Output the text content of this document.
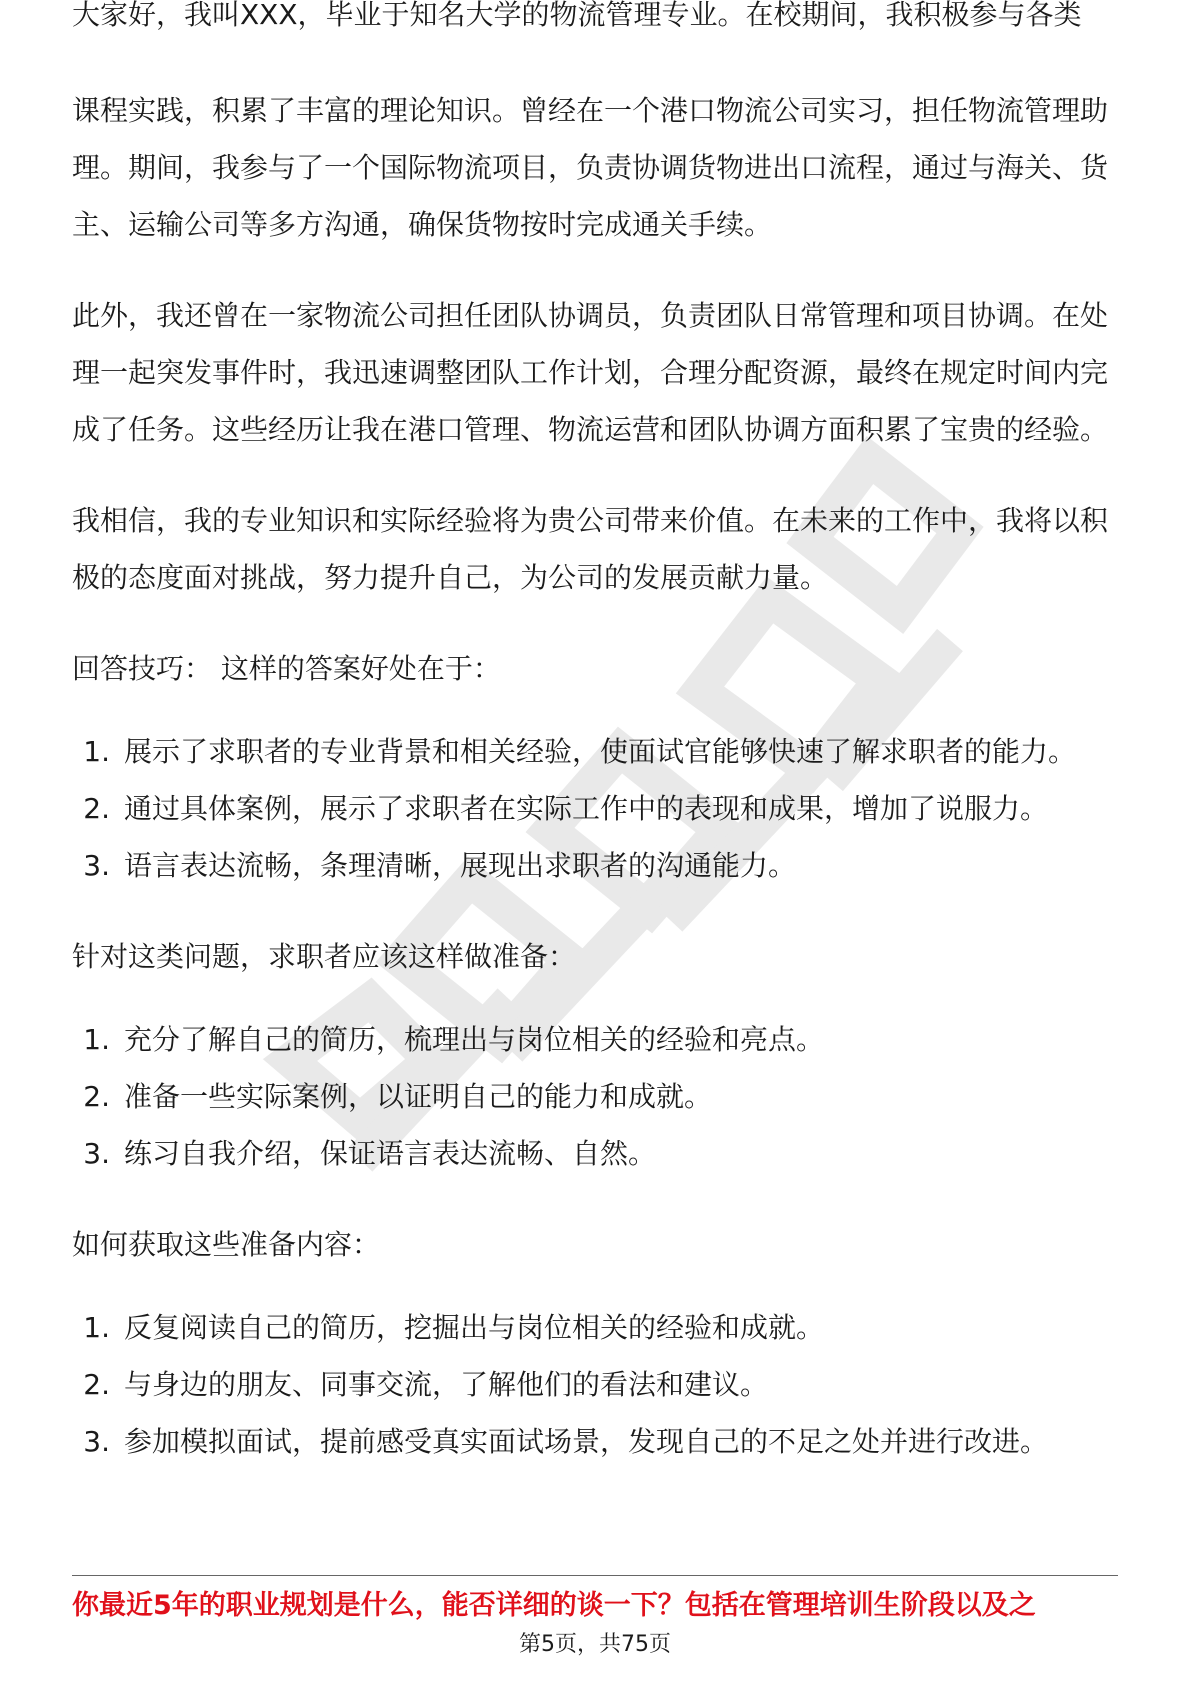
大家好，我叫XXX，毕业于知名大学的物流管理专业。在校期间，我积极参与各类

课程实践，积累了丰富的理论知识。曾经在一个港口物流公司实习，担任物流管理助理。期间，我参与了一个国际物流项目，负责协调货物进出口流程，通过与海关、货主、运输公司等多方沟通，确保货物按时完成通关手续。

此外，我还曾在一家物流公司担任团队协调员，负责团队日常管理和项目协调。在处理一起突发事件时，我迅速调整团队工作计划，合理分配资源，最终在规定时间内完成了任务。这些经历让我在港口管理、物流运营和团队协调方面积累了宝贵的经验。

我相信，我的专业知识和实际经验将为贵公司带来价值。在未来的工作中，我将以积极的态度面对挑战，努力提升自己，为公司的发展贡献力量。

回答技巧： 这样的答案好处在于：

1. 展示了求职者的专业背景和相关经验，使面试官能够快速了解求职者的能力。
2. 通过具体案例，展示了求职者在实际工作中的表现和成果，增加了说服力。
3. 语言表达流畅，条理清晰，展现出求职者的沟通能力。

针对这类问题，求职者应该这样做准备：

1. 充分了解自己的简历，梳理出与岗位相关的经验和亮点。
2. 准备一些实际案例，以证明自己的能力和成就。
3. 练习自我介绍，保证语言表达流畅、自然。

如何获取这些准备内容：

1. 反复阅读自己的简历，挖掘出与岗位相关的经验和成就。
2. 与身边的朋友、同事交流，了解他们的看法和建议。
3. 参加模拟面试，提前感受真实面试场景，发现自己的不足之处并进行改进。
你最近5年的职业规划是什么，能否详细的谈一下？包括在管理培训生阶段以及之
第5页，共75页
